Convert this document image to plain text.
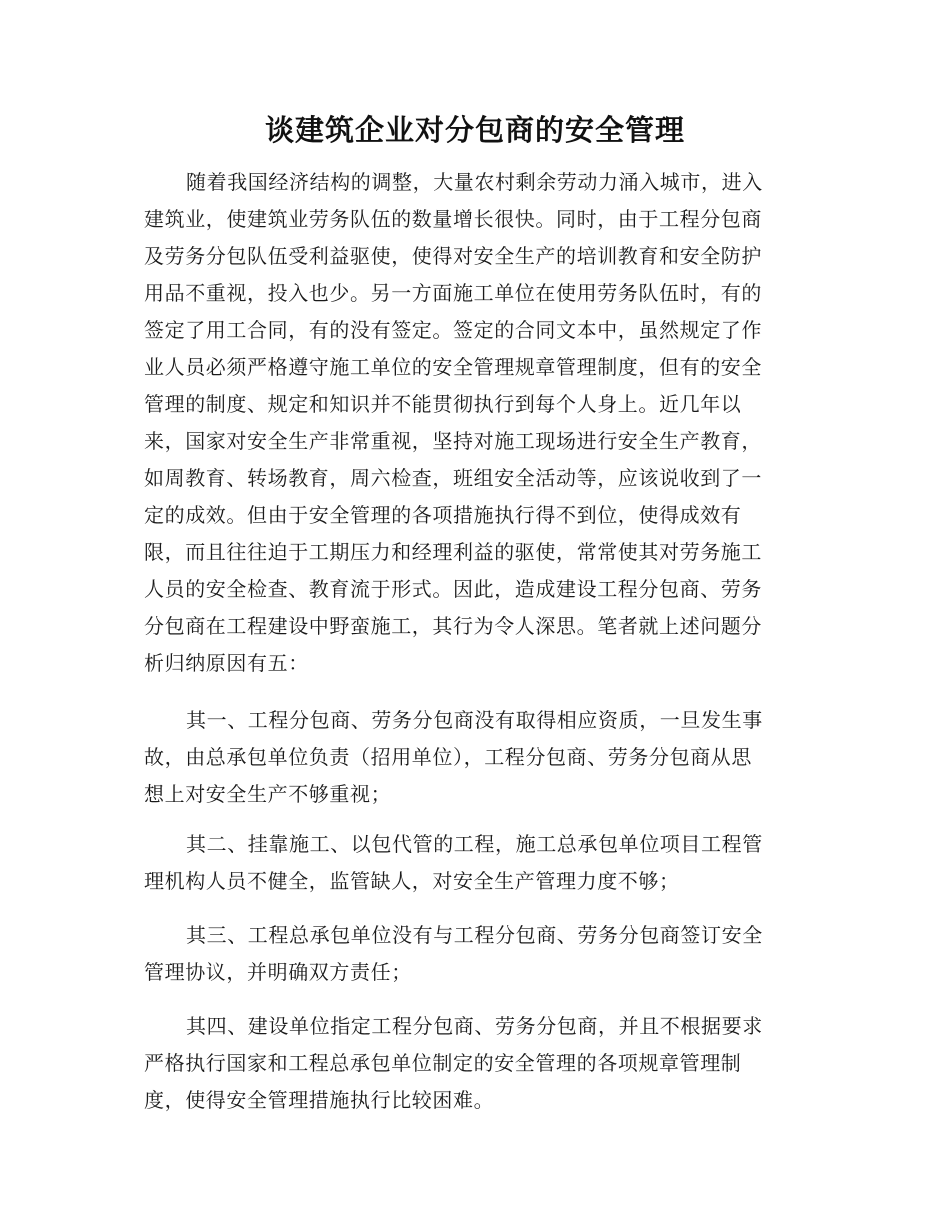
谈建筑企业对分包商的安全管理
随着我国经济结构的调整，大量农村剩余劳动力涌入城市，进入
建筑业，使建筑业劳务队伍的数量增长很快。同时，由于工程分包商
及劳务分包队伍受利益驱使，使得对安全生产的培训教育和安全防护
用品不重视，投入也少。另一方面施工单位在使用劳务队伍时，有的
签定了用工合同，有的没有签定。签定的合同文本中，虽然规定了作
业人员必须严格遵守施工单位的安全管理规章管理制度，但有的安全
管理的制度、规定和知识并不能贯彻执行到每个人身上。近几年以
来，国家对安全生产非常重视，坚持对施工现场进行安全生产教育，
如周教育、转场教育，周六检查，班组安全活动等，应该说收到了一
定的成效。但由于安全管理的各项措施执行得不到位，使得成效有
限，而且往往迫于工期压力和经理利益的驱使，常常使其对劳务施工
人员的安全检查、教育流于形式。因此，造成建设工程分包商、劳务
分包商在工程建设中野蛮施工，其行为令人深思。笔者就上述问题分
析归纳原因有五：
其一、工程分包商、劳务分包商没有取得相应资质，一旦发生事
故，由总承包单位负责（招用单位），工程分包商、劳务分包商从思
想上对安全生产不够重视；
其二、挂靠施工、以包代管的工程，施工总承包单位项目工程管
理机构人员不健全，监管缺人，对安全生产管理力度不够；
其三、工程总承包单位没有与工程分包商、劳务分包商签订安全
管理协议，并明确双方责任；
其四、建设单位指定工程分包商、劳务分包商，并且不根据要求
严格执行国家和工程总承包单位制定的安全管理的各项规章管理制
度，使得安全管理措施执行比较困难。
